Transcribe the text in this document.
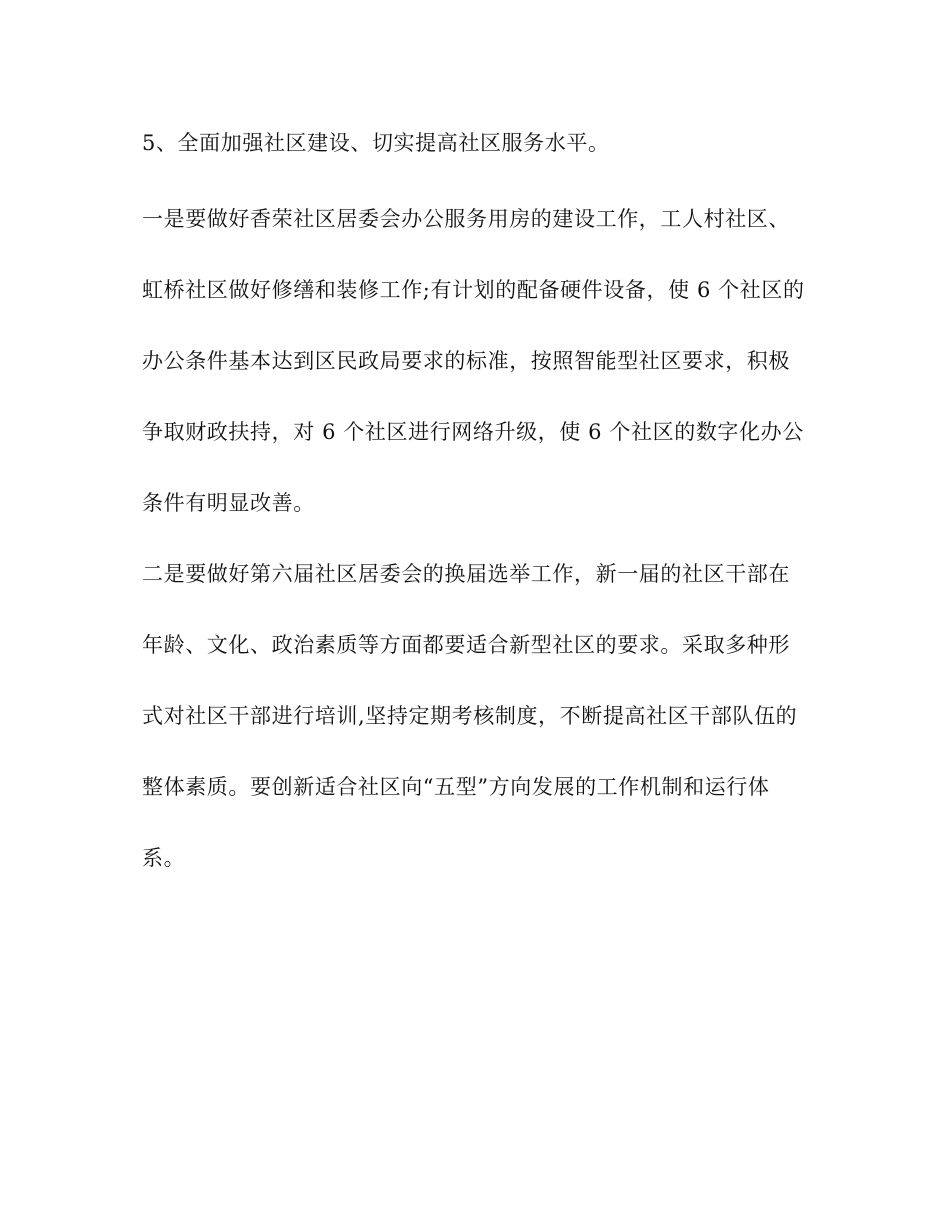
5、全面加强社区建设、切实提高社区服务水平。
一是要做好香荣社区居委会办公服务用房的建设工作，工人村社区、
虹桥社区做好修缮和装修工作;有计划的配备硬件设备，使 6 个社区的
办公条件基本达到区民政局要求的标准，按照智能型社区要求，积极
争取财政扶持，对 6 个社区进行网络升级，使 6 个社区的数字化办公
条件有明显改善。
二是要做好第六届社区居委会的换届选举工作，新一届的社区干部在
年龄、文化、政治素质等方面都要适合新型社区的要求。采取多种形
式对社区干部进行培训,坚持定期考核制度，不断提高社区干部队伍的
整体素质。要创新适合社区向“五型”方向发展的工作机制和运行体
系。
